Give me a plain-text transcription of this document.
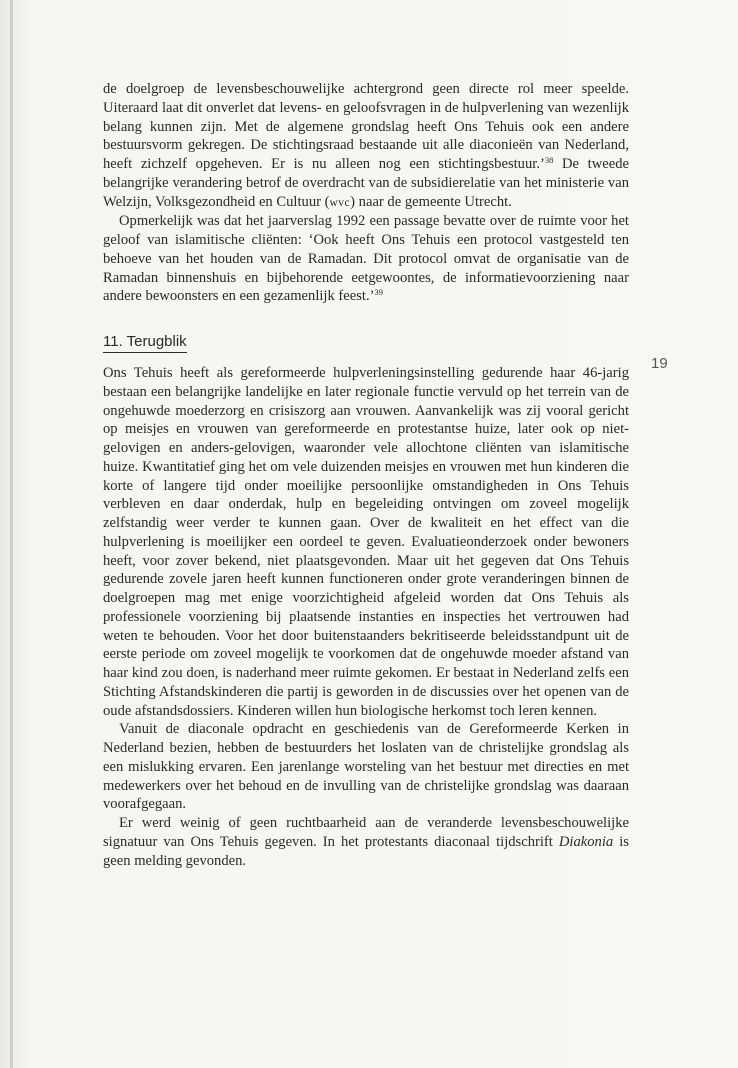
19

de doelgroep de levensbeschouwelijke achtergrond geen directe rol meer speelde. Uiteraard laat dit onverlet dat levens- en geloofsvragen in de hulpverlening van wezenlijk belang kunnen zijn. Met de algemene grondslag heeft Ons Tehuis ook een andere bestuursvorm gekregen. De stichtingsraad bestaande uit alle diaconieën van Nederland, heeft zichzelf opgeheven. Er is nu alleen nog een stichtingsbestuur.’$^{38}$ De tweede belangrijke verandering betrof de overdracht van de subsidierelatie van het ministerie van Welzijn, Volksgezondheid en Cultuur (wvc) naar de gemeente Utrecht.

Opmerkelijk was dat het jaarverslag 1992 een passage bevatte over de ruimte voor het geloof van islamitische cliënten: ‘Ook heeft Ons Tehuis een protocol vastgesteld ten behoeve van het houden van de Ramadan. Dit protocol omvat de organisatie van de Ramadan binnenshuis en bijbehorende eetgewoontes, de informatievoorziening naar andere bewoonsters en een gezamenlijk feest.’$^{39}$

11. Terugblik

Ons Tehuis heeft als gereformeerde hulpverleningsinstelling gedurende haar 46-jarig bestaan een belangrijke landelijke en later regionale functie vervuld op het terrein van de ongehuwde moederzorg en crisiszorg aan vrouwen. Aanvankelijk was zij vooral gericht op meisjes en vrouwen van gereformeerde en protestantse huize, later ook op niet-gelovigen en anders-gelovigen, waaronder vele allochtone cliënten van islamitische huize. Kwantitatief ging het om vele duizenden meisjes en vrouwen met hun kinderen die korte of langere tijd onder moeilijke persoonlijke omstandigheden in Ons Tehuis verbleven en daar onderdak, hulp en begeleiding ontvingen om zoveel mogelijk zelfstandig weer verder te kunnen gaan. Over de kwaliteit en het effect van die hulpverlening is moeilijker een oordeel te geven. Evaluatieonderzoek onder bewoners heeft, voor zover bekend, niet plaatsgevonden. Maar uit het gegeven dat Ons Tehuis gedurende zovele jaren heeft kunnen functioneren onder grote veranderingen binnen de doelgroepen mag met enige voorzichtigheid afgeleid worden dat Ons Tehuis als professionele voorziening bij plaatsende instanties en inspecties het vertrouwen had weten te behouden. Voor het door buitenstaanders bekritiseerde beleidsstandpunt uit de eerste periode om zoveel mogelijk te voorkomen dat de ongehuwde moeder afstand van haar kind zou doen, is naderhand meer ruimte gekomen. Er bestaat in Nederland zelfs een Stichting Afstandskinderen die partij is geworden in de discussies over het openen van de oude afstandsdossiers. Kinderen willen hun biologische herkomst toch leren kennen.

Vanuit de diaconale opdracht en geschiedenis van de Gereformeerde Kerken in Nederland bezien, hebben de bestuurders het loslaten van de christelijke grondslag als een mislukking ervaren. Een jarenlange worsteling van het bestuur met directies en met medewerkers over het behoud en de invulling van de christelijke grondslag was daaraan voorafgegaan.

Er werd weinig of geen ruchtbaarheid aan de veranderde levensbeschouwelijke signatuur van Ons Tehuis gegeven. In het protestants diaconaal tijdschrift Diakonia is geen melding gevonden.
